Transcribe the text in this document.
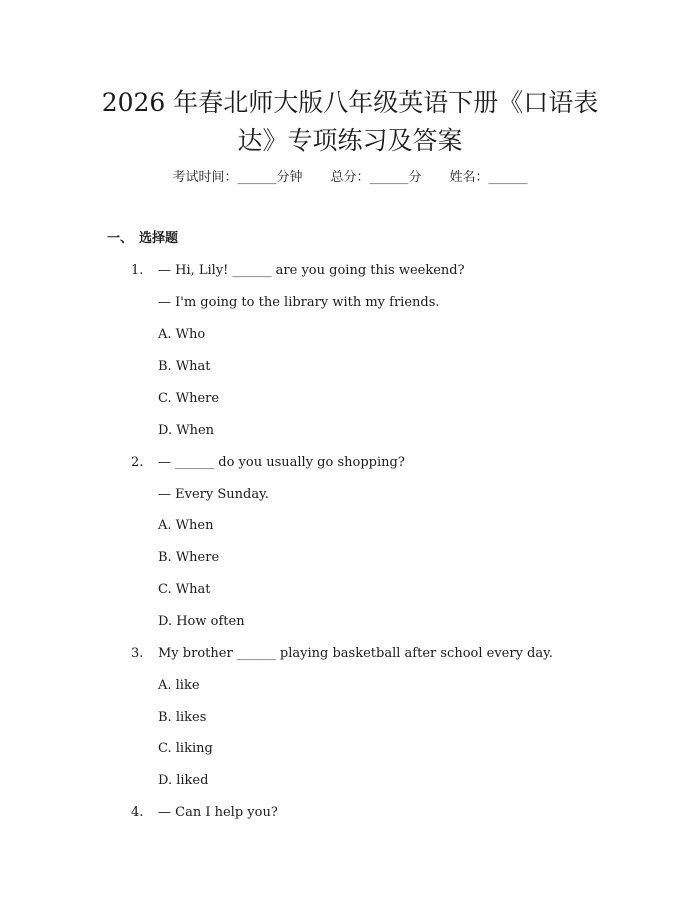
2026 年春北师大版八年级英语下册《口语表
达》专项练习及答案
考试时间：______分钟 总分：______分 姓名：______
一、 选择题
1. — Hi, Lily! ______ are you going this weekend?
— I'm going to the library with my friends.
A. Who
B. What
C. Where
D. When
2. — ______ do you usually go shopping?
— Every Sunday.
A. When
B. Where
C. What
D. How often
3. My brother ______ playing basketball after school every day.
A. like
B. likes
C. liking
D. liked
4. — Can I help you?
